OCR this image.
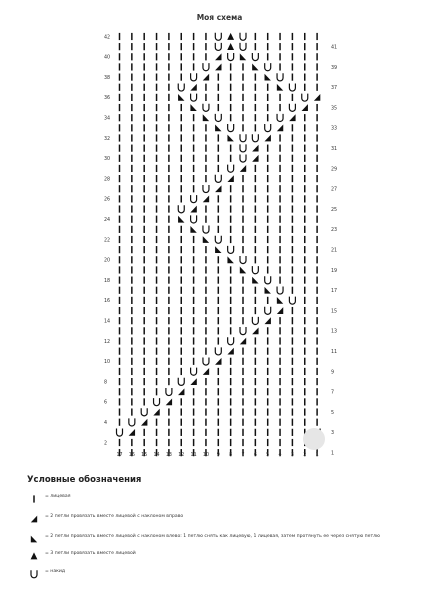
Моя схема
42
40
38
36
34
32
30
28
26
24
22
20
18
16
14
12
10
8
6
4
2
41
39
37
35
33
31
29
27
25
23
21
19
17
15
13
11
9
7
5
3
1
17 16 15 14 13 12 11 10 9 8 7 6 5 4 3 2 1
Условные обозначения
= лицевая
= 2 петли провязать вместе лицевой с наклоном вправо
= 2 петли провязать вместе лицевой с наклоном влево: 1 петлю снять как лицевую, 1 лицевая, затем протянуть ее через снятую петлю
= 3 петли провязать вместе лицевой
= накид
